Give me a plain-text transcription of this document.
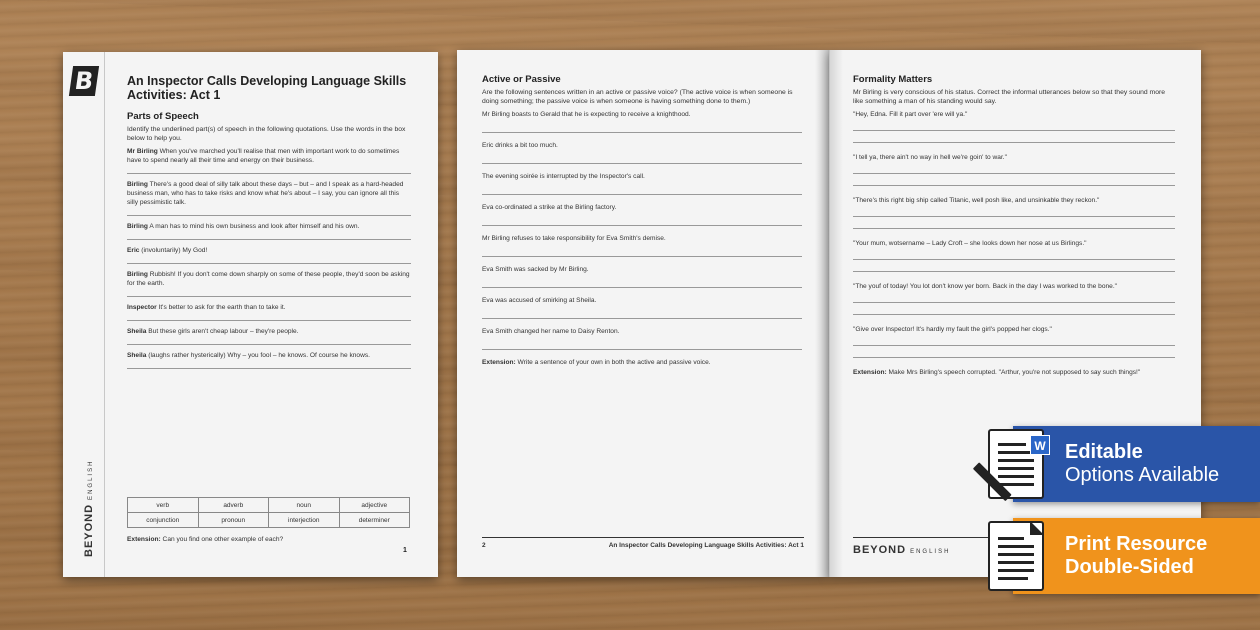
B
BEYONDENGLISH
An Inspector Calls Developing Language Skills Activities: Act 1
Parts of Speech

Identify the underlined part(s) of speech in the following quotations. Use the words in the box below to help you.

Mr Birling When you've marched you'll realise that men with important work to do sometimes have to spend nearly all their time and energy on their business.

Birling There's a good deal of silly talk about these days – but – and I speak as a hard-headed business man, who has to take risks and know what he's about – I say, you can ignore all this silly pessimistic talk.

Birling A man has to mind his own business and look after himself and his own.

Eric (involuntarily) My God!

Birling Rubbish! If you don't come down sharply on some of these people, they'd soon be asking for the earth.

Inspector It's better to ask for the earth than to take it.

Sheila But these girls aren't cheap labour – they're people.

Sheila (laughs rather hysterically) Why – you fool – he knows. Of course he knows.

verb	adverb	noun	adjective
conjunction	pronoun	interjection	determiner

Extension: Can you find one other example of each?

1
Active or Passive

Are the following sentences written in an active or passive voice? (The active voice is when someone is doing something; the passive voice is when someone is having something done to them.)

Mr Birling boasts to Gerald that he is expecting to receive a knighthood.

Eric drinks a bit too much.

The evening soirée is interrupted by the Inspector's call.

Eva co-ordinated a strike at the Birling factory.

Mr Birling refuses to take responsibility for Eva Smith's demise.

Eva Smith was sacked by Mr Birling.

Eva was accused of smirking at Sheila.

Eva Smith changed her name to Daisy Renton.

Extension: Write a sentence of your own in both the active and passive voice.

2	An Inspector Calls Developing Language Skills Activities: Act 1
Formality Matters

Mr Birling is very conscious of his status. Correct the informal utterances below so that they sound more like something a man of his standing would say.

"Hey, Edna. Fill it part over 'ere will ya."

"I tell ya, there ain't no way in hell we're goin' to war."

"There's this right big ship called Titanic, well posh like, and unsinkable they reckon."

"Your mum, wotsername – Lady Croft – she looks down her nose at us Birlings."

"The youf of today! You lot don't know yer born. Back in the day I was worked to the bone."

"Give over Inspector! It's hardly my fault the girl's popped her clogs."

Extension: Make Mrs Birling's speech corrupted. "Arthur, you're not supposed to say such things!"

BEYOND ENGLISH
Editable
Options Available
W
Print Resource
Double-Sided
